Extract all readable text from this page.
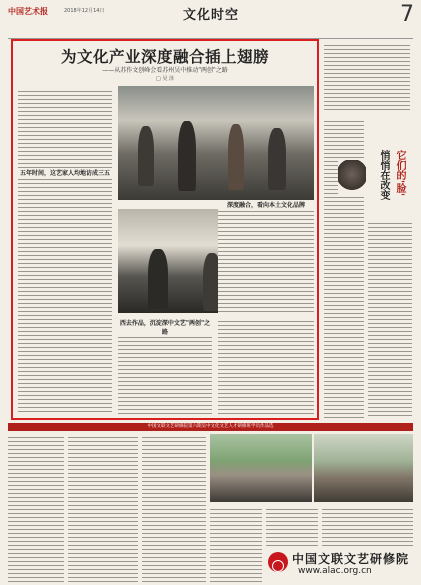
中国艺术报	2018年12月14日	文化时空	7
为文化产业深度融合插上翅膀
——从苏作文创峰会看苏州吴中推动"两创"之路
□ 吴 泽
五年时间，这艺家人均地访成三五
深度融合，看向本土文化品牌
西去作品，沉淀深中文艺"两创"之路
它们的'脸'
悄悄在改变
中国文联文艺研修院第六期吴中文化文艺人才研修班学员作品选
中国文联文艺研修院
www.alac.org.cn
